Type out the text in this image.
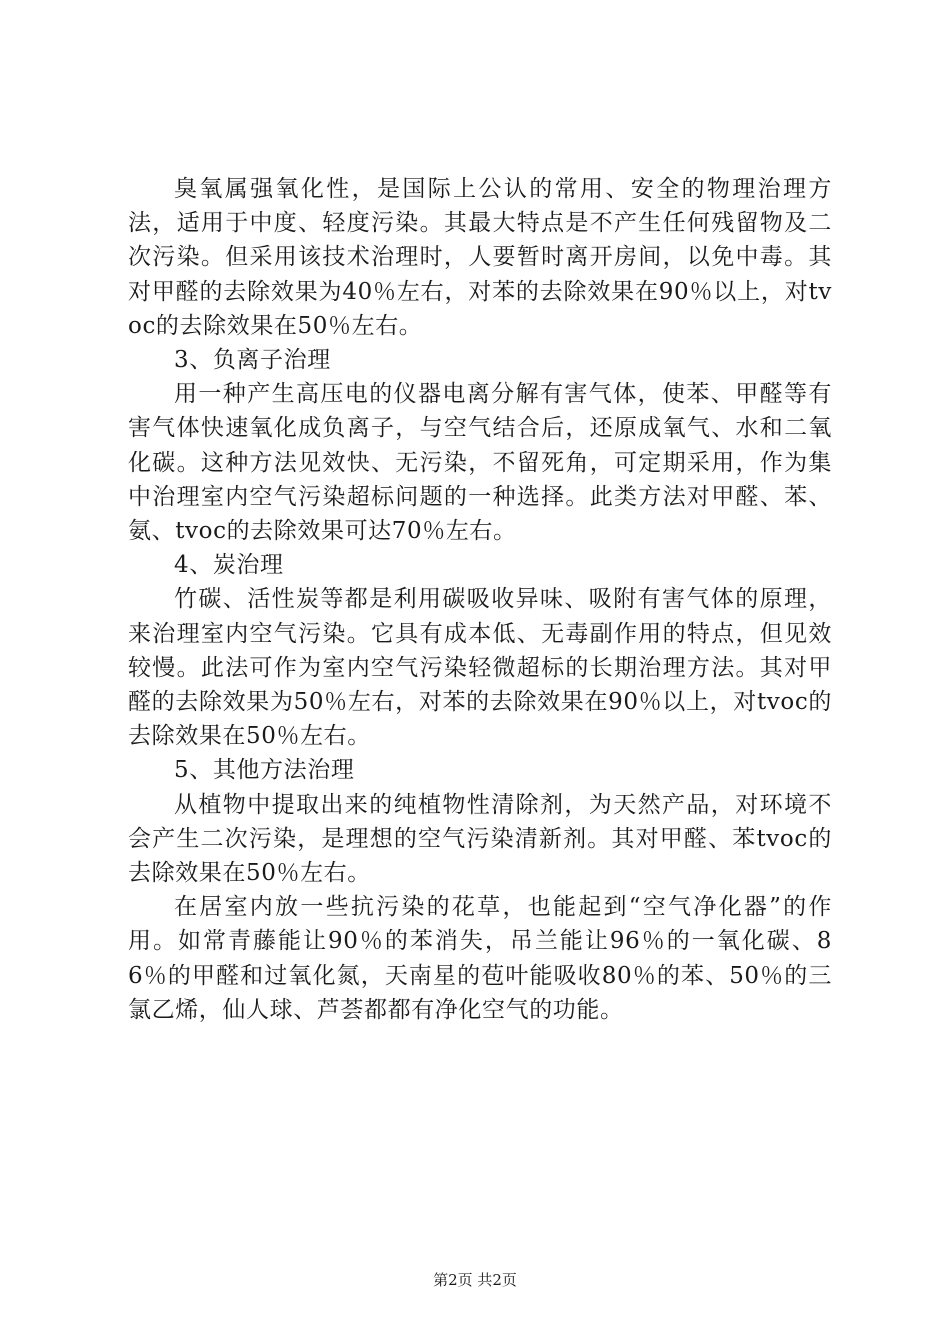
臭氧属强氧化性，是国际上公认的常用、安全的物理治理方法，适用于中度、轻度污染。其最大特点是不产生任何残留物及二次污染。但采用该技术治理时，人要暂时离开房间，以免中毒。其对甲醛的去除效果为40％左右，对苯的去除效果在90％以上，对tvoc的去除效果在50％左右。

3、负离子治理

用一种产生高压电的仪器电离分解有害气体，使苯、甲醛等有害气体快速氧化成负离子，与空气结合后，还原成氧气、水和二氧化碳。这种方法见效快、无污染，不留死角，可定期采用，作为集中治理室内空气污染超标问题的一种选择。此类方法对甲醛、苯、氨、tvoc的去除效果可达70％左右。

4、炭治理

竹碳、活性炭等都是利用碳吸收异味、吸附有害气体的原理，来治理室内空气污染。它具有成本低、无毒副作用的特点，但见效较慢。此法可作为室内空气污染轻微超标的长期治理方法。其对甲醛的去除效果为50％左右，对苯的去除效果在90％以上，对tvoc的去除效果在50％左右。

5、其他方法治理

从植物中提取出来的纯植物性清除剂，为天然产品，对环境不会产生二次污染，是理想的空气污染清新剂。其对甲醛、苯tvoc的去除效果在50％左右。

在居室内放一些抗污染的花草，也能起到“空气净化器”的作用。如常青藤能让90％的苯消失，吊兰能让96％的一氧化碳、86％的甲醛和过氧化氮，天南星的苞叶能吸收80％的苯、50％的三氯乙烯，仙人球、芦荟都都有净化空气的功能。

第2页 共2页
